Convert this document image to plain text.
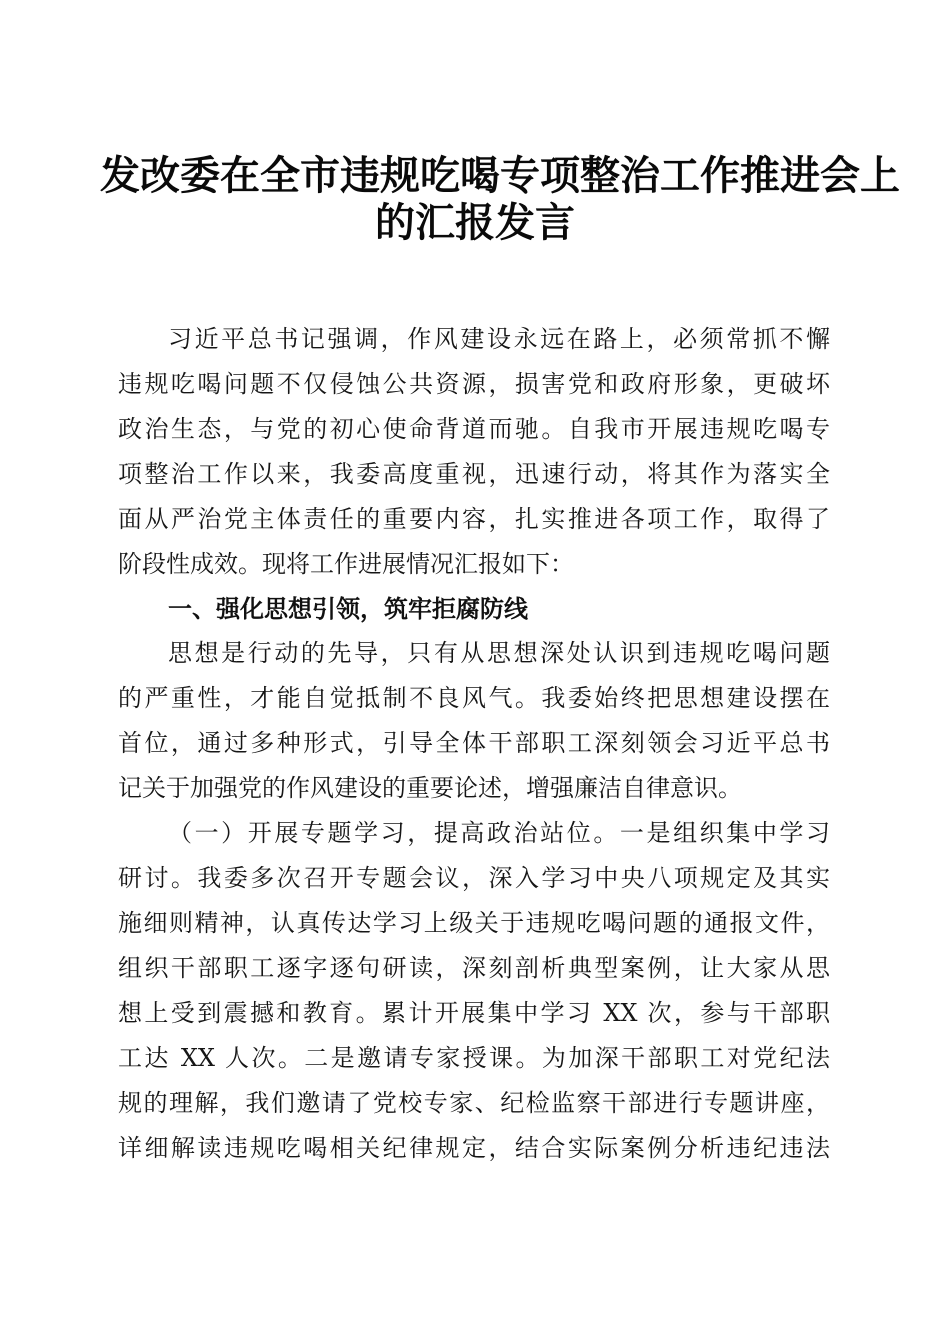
发改委在全市违规吃喝专项整治工作推进会上
的汇报发言
习近平总书记强调，作风建设永远在路上，必须常抓不懈
违规吃喝问题不仅侵蚀公共资源，损害党和政府形象，更破坏
政治生态，与党的初心使命背道而驰。自我市开展违规吃喝专
项整治工作以来，我委高度重视，迅速行动，将其作为落实全
面从严治党主体责任的重要内容，扎实推进各项工作，取得了
阶段性成效。现将工作进展情况汇报如下：
一、强化思想引领，筑牢拒腐防线
思想是行动的先导，只有从思想深处认识到违规吃喝问题
的严重性，才能自觉抵制不良风气。我委始终把思想建设摆在
首位，通过多种形式，引导全体干部职工深刻领会习近平总书
记关于加强党的作风建设的重要论述，增强廉洁自律意识。
（一）开展专题学习，提高政治站位。一是组织集中学习
研讨。我委多次召开专题会议，深入学习中央八项规定及其实
施细则精神，认真传达学习上级关于违规吃喝问题的通报文件，
组织干部职工逐字逐句研读，深刻剖析典型案例，让大家从思
想上受到震撼和教育。累计开展集中学习 XX 次，参与干部职
工达 XX 人次。二是邀请专家授课。为加深干部职工对党纪法
规的理解，我们邀请了党校专家、纪检监察干部进行专题讲座，
详细解读违规吃喝相关纪律规定，结合实际案例分析违纪违法
